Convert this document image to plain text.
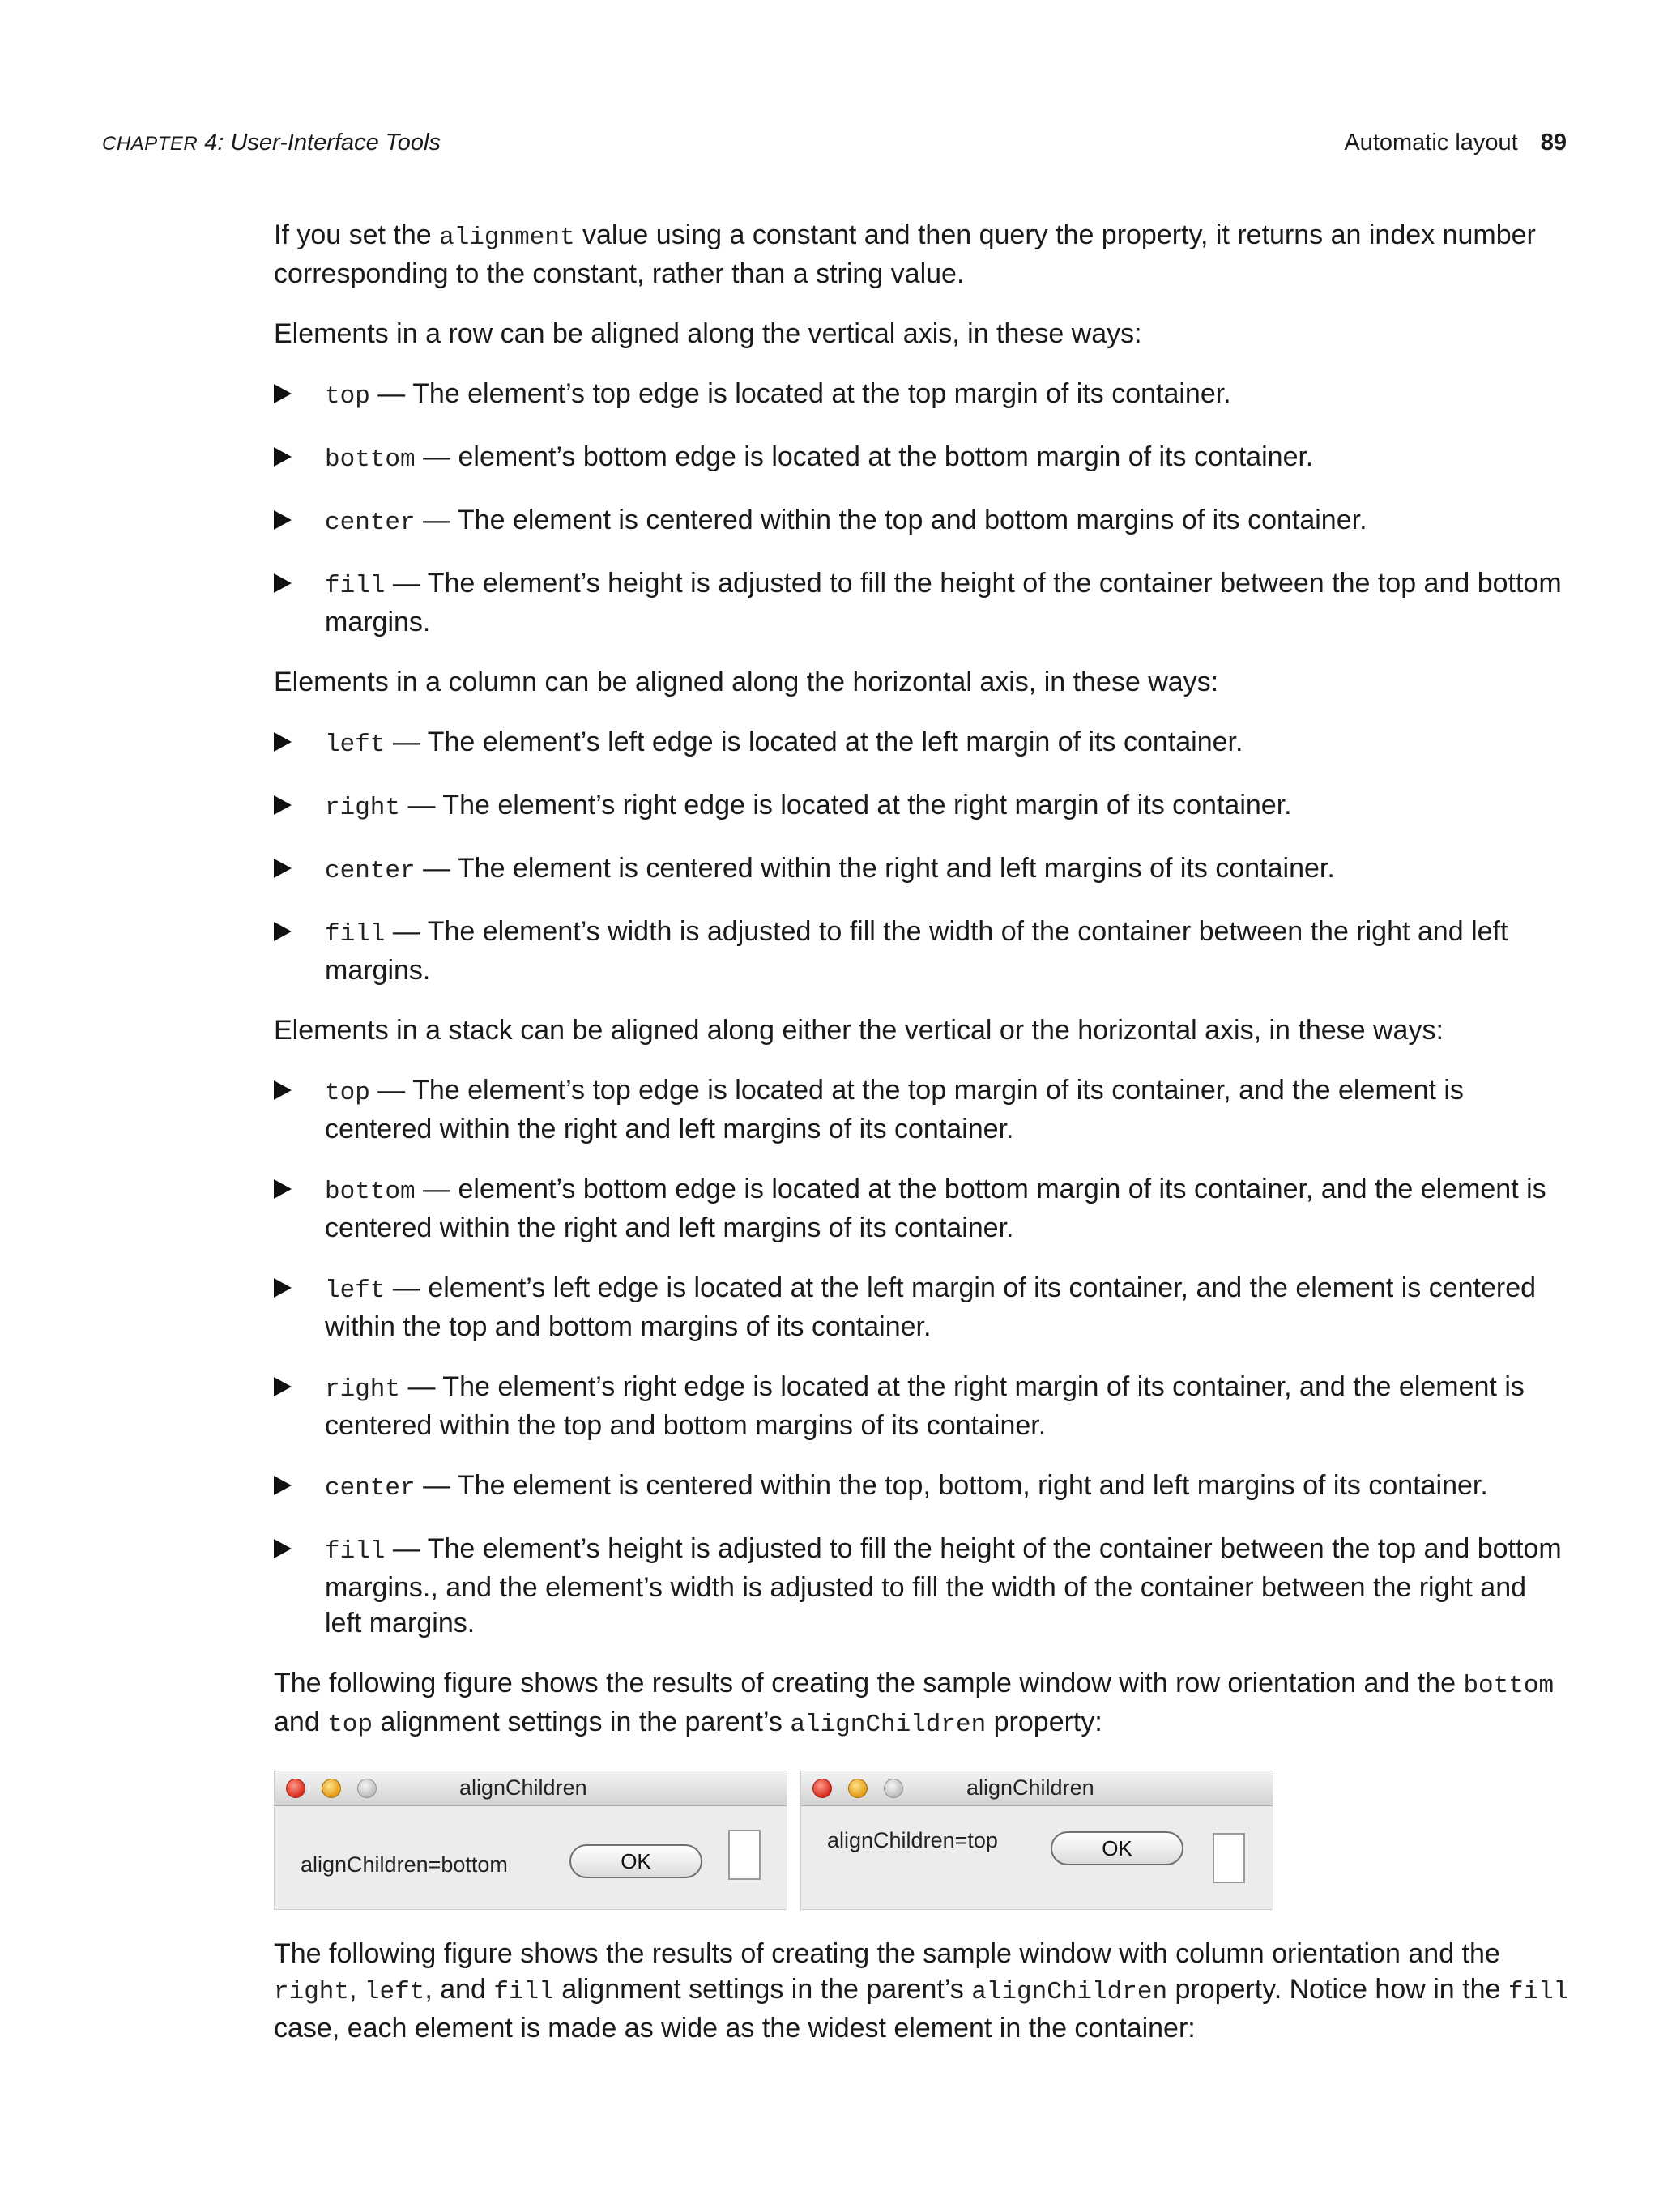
CHAPTER 4: User-Interface Tools	Automatic layout 89

If you set the alignment value using a constant and then query the property, it returns an index number corresponding to the constant, rather than a string value.

Elements in a row can be aligned along the vertical axis, in these ways:

top — The element’s top edge is located at the top margin of its container.
bottom — element’s bottom edge is located at the bottom margin of its container.
center — The element is centered within the top and bottom margins of its container.
fill — The element’s height is adjusted to fill the height of the container between the top and bottom margins.

Elements in a column can be aligned along the horizontal axis, in these ways:

left — The element’s left edge is located at the left margin of its container.
right — The element’s right edge is located at the right margin of its container.
center — The element is centered within the right and left margins of its container.
fill — The element’s width is adjusted to fill the width of the container between the right and left margins.

Elements in a stack can be aligned along either the vertical or the horizontal axis, in these ways:

top — The element’s top edge is located at the top margin of its container, and the element is centered within the right and left margins of its container.
bottom — element’s bottom edge is located at the bottom margin of its container, and the element is centered within the right and left margins of its container.
left — element’s left edge is located at the left margin of its container, and the element is centered within the top and bottom margins of its container.
right — The element’s right edge is located at the right margin of its container, and the element is centered within the top and bottom margins of its container.
center — The element is centered within the top, bottom, right and left margins of its container.
fill — The element’s height is adjusted to fill the height of the container between the top and bottom margins., and the element’s width is adjusted to fill the width of the container between the right and left margins.

The following figure shows the results of creating the sample window with row orientation and the bottom and top alignment settings in the parent’s alignChildren property:

alignChildren
alignChildren=bottom	OK
alignChildren
alignChildren=top	OK

The following figure shows the results of creating the sample window with column orientation and the right, left, and fill alignment settings in the parent’s alignChildren property. Notice how in the fill case, each element is made as wide as the widest element in the container:
